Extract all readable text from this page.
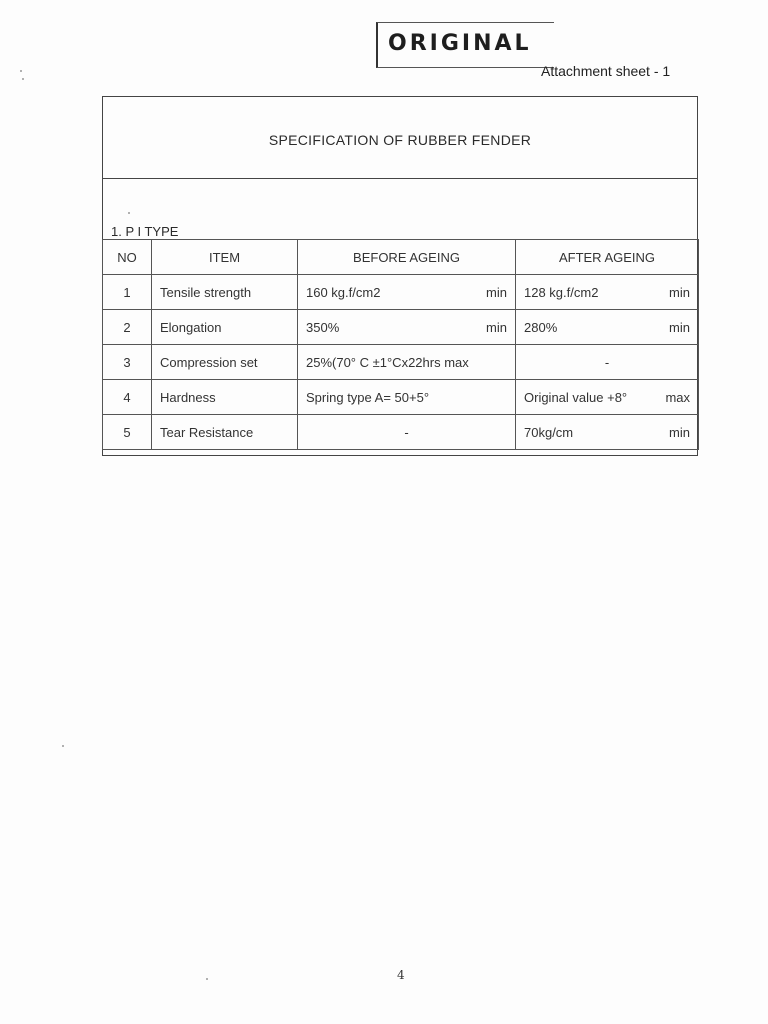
ORIGINAL
Attachment sheet - 1
SPECIFICATION OF RUBBER FENDER
1. P I TYPE
NO	ITEM	BEFORE AGEING	AFTER AGEING
1	Tensile strength	160 kg.f/cm2 min	128 kg.f/cm2 min

2	Elongation	350% min	280% min

3	Compression set	25%(70° C ±1°Cx22hrs max	-
4	Hardness	Spring type A= 50+5°	Original value +8° max

5	Tear Resistance	-	70kg/cm min
4
